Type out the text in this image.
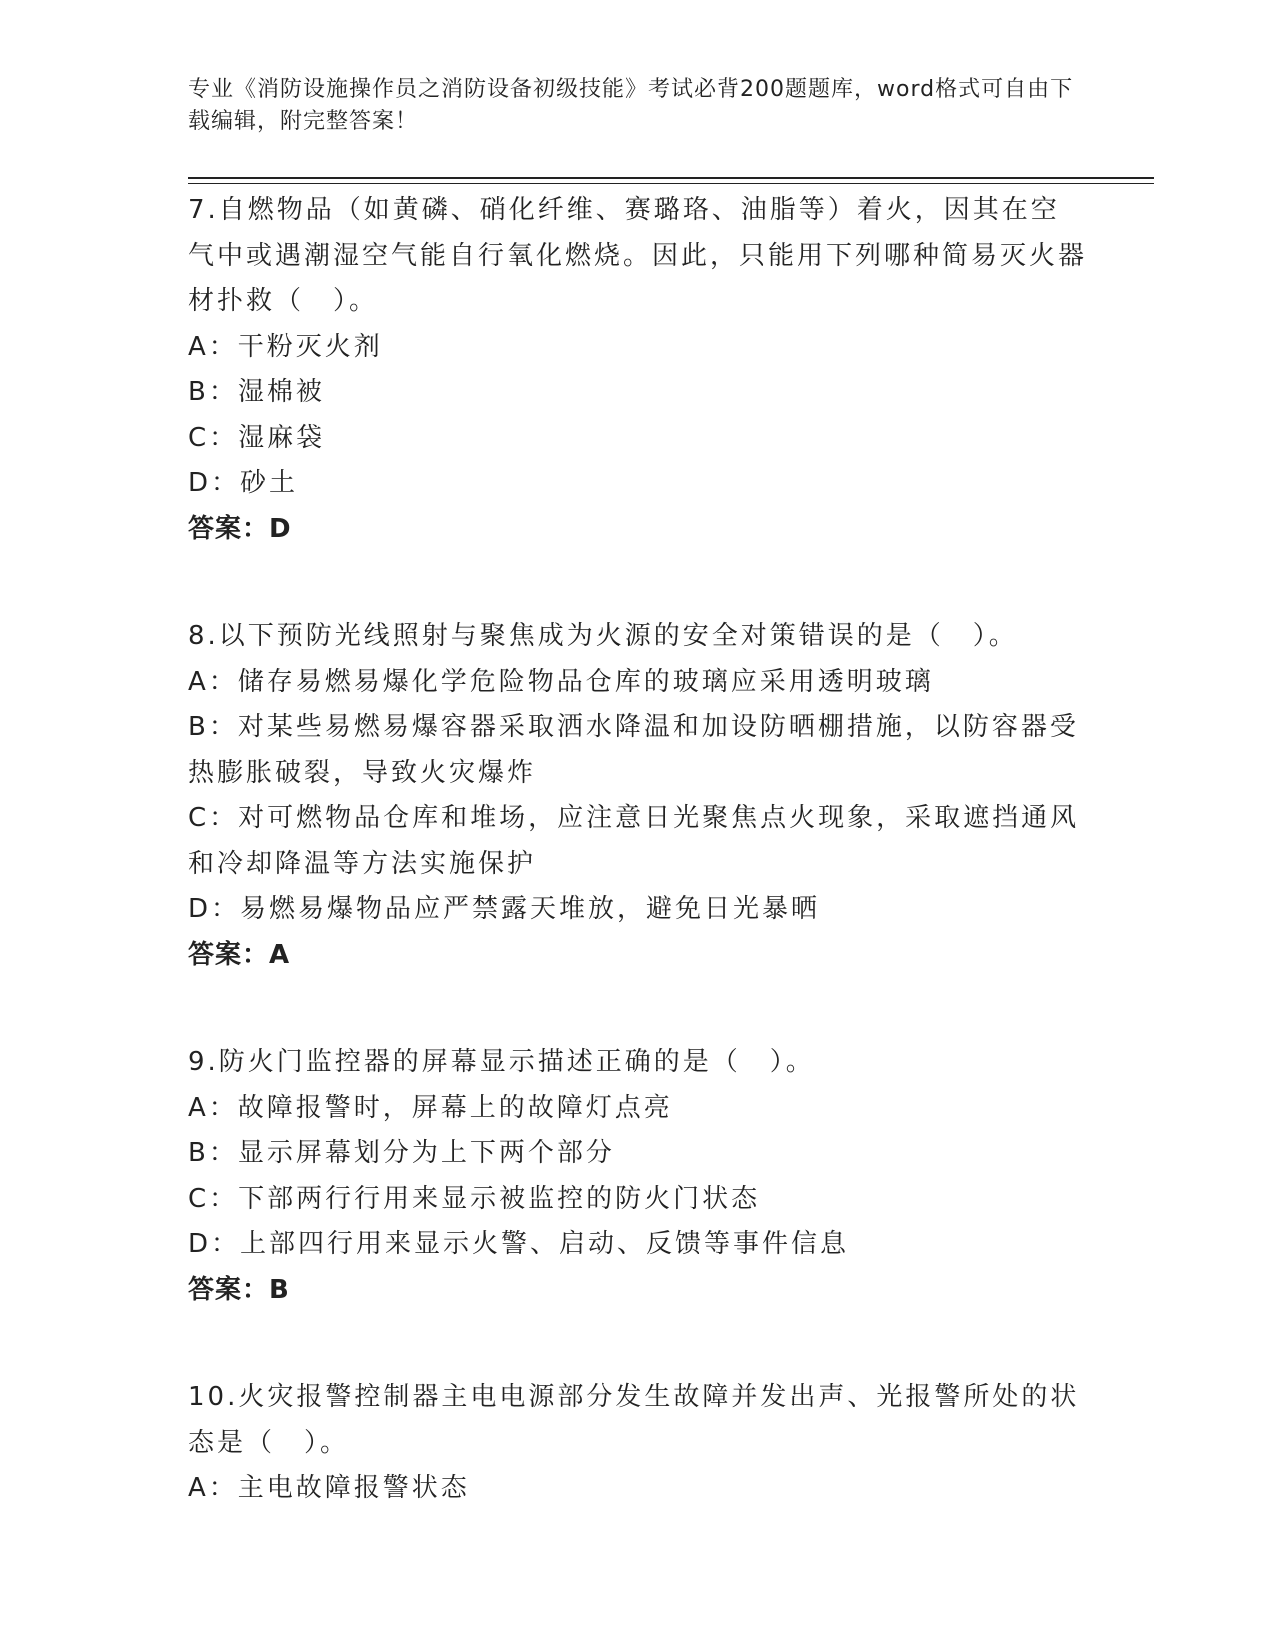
专业《消防设施操作员之消防设备初级技能》考试必背200题题库，word格式可自由下载编辑，附完整答案！

7.自燃物品（如黄磷、硝化纤维、赛璐珞、油脂等）着火，因其在空气中或遇潮湿空气能自行氧化燃烧。因此，只能用下列哪种简易灭火器材扑救（　）。

A：干粉灭火剂

B：湿棉被

C：湿麻袋

D：砂土

答案：D

8.以下预防光线照射与聚焦成为火源的安全对策错误的是（　）。

A：储存易燃易爆化学危险物品仓库的玻璃应采用透明玻璃

B：对某些易燃易爆容器采取洒水降温和加设防晒棚措施，以防容器受热膨胀破裂，导致火灾爆炸

C：对可燃物品仓库和堆场，应注意日光聚焦点火现象，采取遮挡通风和冷却降温等方法实施保护

D：易燃易爆物品应严禁露天堆放，避免日光暴晒

答案：A

9.防火门监控器的屏幕显示描述正确的是（　）。

A：故障报警时，屏幕上的故障灯点亮

B：显示屏幕划分为上下两个部分

C：下部两行行用来显示被监控的防火门状态

D：上部四行用来显示火警、启动、反馈等事件信息

答案：B

10.火灾报警控制器主电电源部分发生故障并发出声、光报警所处的状态是（　）。

A：主电故障报警状态
